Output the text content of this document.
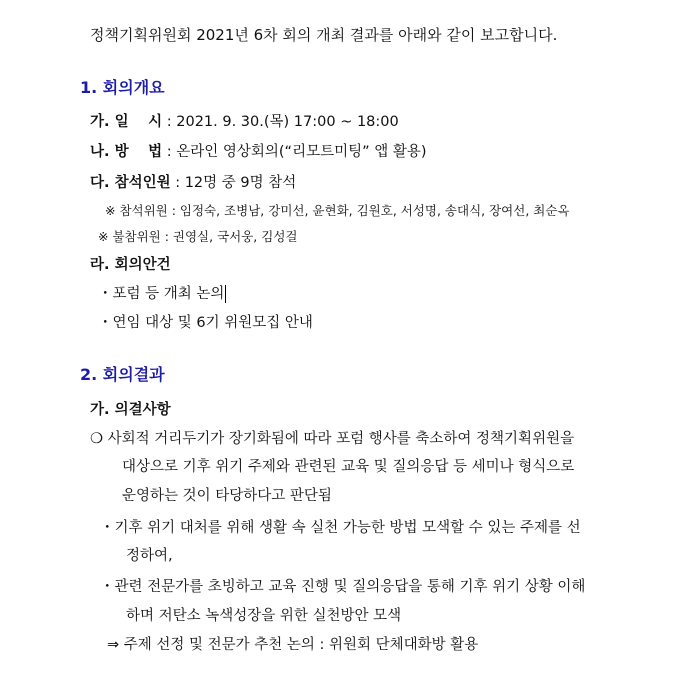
정책기획위원회 2021년 6차 회의 개최 결과를 아래와 같이 보고합니다.
1. 회의개요
가. 일　 시 : 2021. 9. 30.(목) 17:00 ~ 18:00
나. 방　 법 : 온라인 영상회의(“리모트미팅” 앱 활용)
다. 참석인원 : 12명 중 9명 참석
※ 참석위원 : 임정숙, 조병남, 강미선, 윤현화, 김원호, 서성명, 송대식, 장여선, 최순옥
※ 불참위원 : 권영실, 국서웅, 김성걸
라. 회의안건
・포럼 등 개최 논의
・연임 대상 및 6기 위원모집 안내
2. 회의결과
가. 의결사항
❍ 사회적 거리두기가 장기화됨에 따라 포럼 행사를 축소하여 정책기획위원을
대상으로 기후 위기 주제와 관련된 교육 및 질의응답 등 세미나 형식으로
운영하는 것이 타당하다고 판단됨
・기후 위기 대처를 위해 생활 속 실천 가능한 방법 모색할 수 있는 주제를 선
정하여,
・관련 전문가를 초빙하고 교육 진행 및 질의응답을 통해 기후 위기 상황 이해
하며 저탄소 녹색성장을 위한 실천방안 모색
⇒ 주제 선정 및 전문가 추천 논의 : 위원회 단체대화방 활용
